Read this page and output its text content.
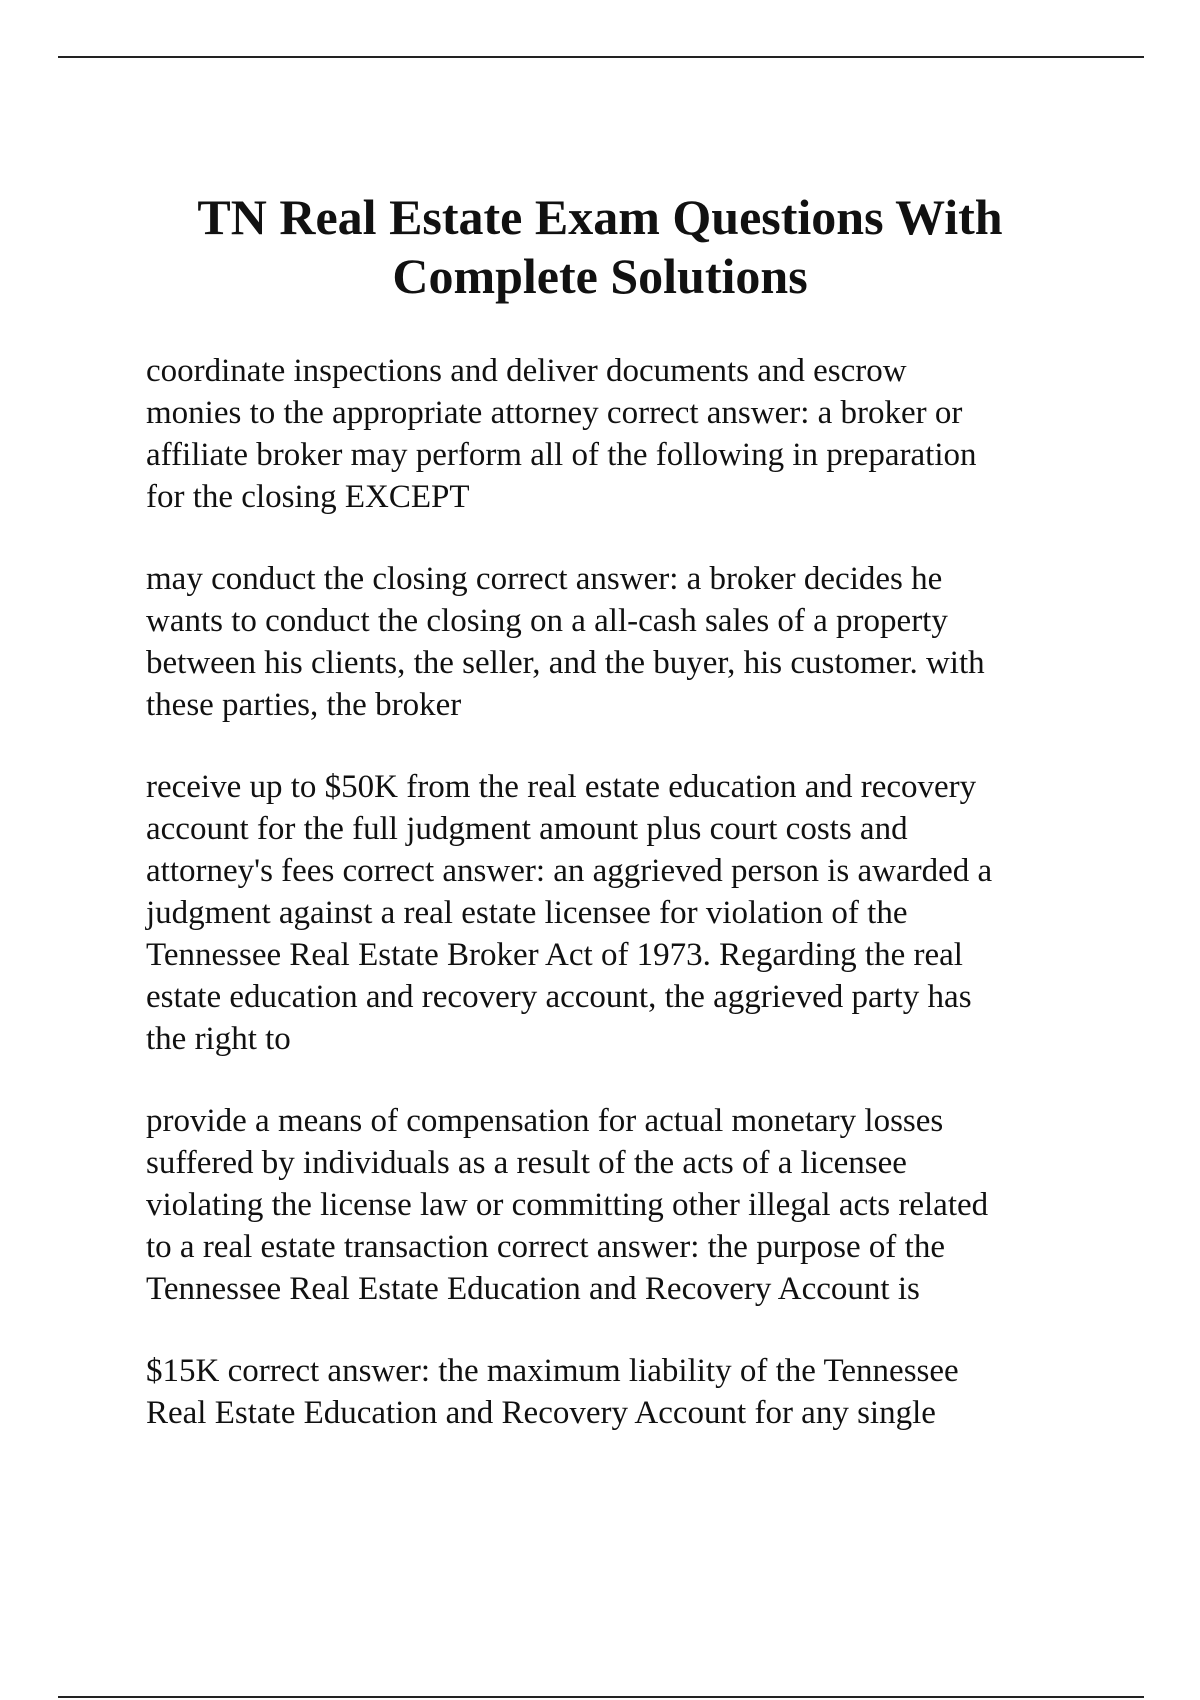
TN Real Estate Exam Questions With
Complete Solutions

coordinate inspections and deliver documents and escrow
monies to the appropriate attorney correct answer: a broker or
affiliate broker may perform all of the following in preparation
for the closing EXCEPT

may conduct the closing correct answer: a broker decides he
wants to conduct the closing on a all-cash sales of a property
between his clients, the seller, and the buyer, his customer. with
these parties, the broker

receive up to $50K from the real estate education and recovery
account for the full judgment amount plus court costs and
attorney's fees correct answer: an aggrieved person is awarded a
judgment against a real estate licensee for violation of the
Tennessee Real Estate Broker Act of 1973. Regarding the real
estate education and recovery account, the aggrieved party has
the right to

provide a means of compensation for actual monetary losses
suffered by individuals as a result of the acts of a licensee
violating the license law or committing other illegal acts related
to a real estate transaction correct answer: the purpose of the
Tennessee Real Estate Education and Recovery Account is

$15K correct answer: the maximum liability of the Tennessee
Real Estate Education and Recovery Account for any single
